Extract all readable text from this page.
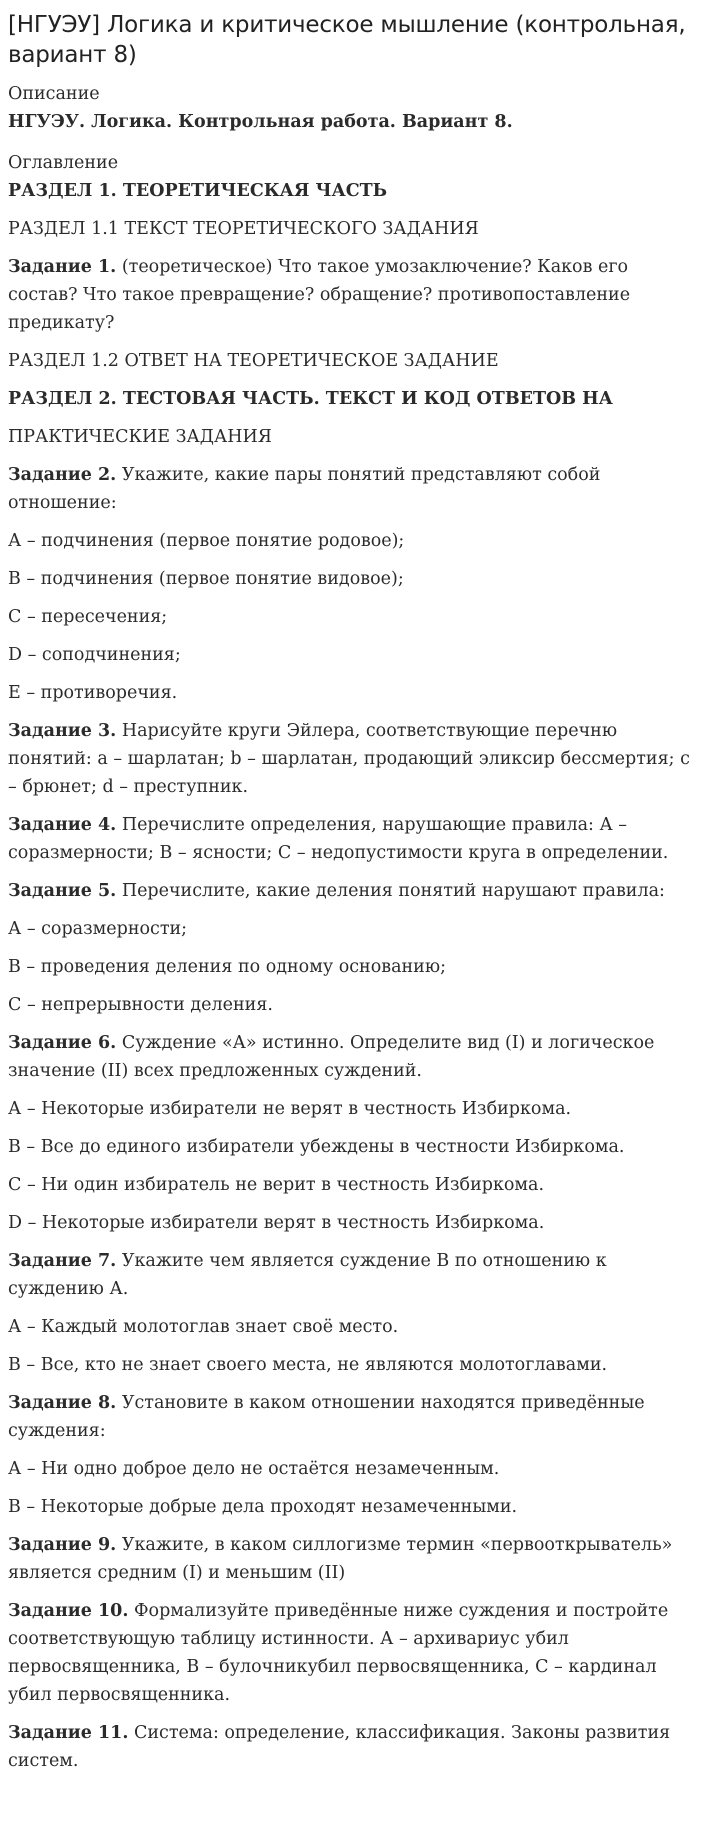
[НГУЭУ] Логика и критическое мышление (контрольная, вариант 8)
Описание
НГУЭУ. Логика. Контрольная работа. Вариант 8.
Оглавление
РАЗДЕЛ 1. ТЕОРЕТИЧЕСКАЯ ЧАСТЬ
РАЗДЕЛ 1.1 ТЕКСТ ТЕОРЕТИЧЕСКОГО ЗАДАНИЯ

Задание 1. (теоретическое) Что такое умозаключение? Каков его состав? Что такое превращение? обращение? противопоставление предикату?

РАЗДЕЛ 1.2 ОТВЕТ НА ТЕОРЕТИЧЕСКОЕ ЗАДАНИЕ
РАЗДЕЛ 2. ТЕСТОВАЯ ЧАСТЬ. ТЕКСТ И КОД ОТВЕТОВ НА
ПРАКТИЧЕСКИЕ ЗАДАНИЯ

Задание 2. Укажите, какие пары понятий представляют собой отношение:

А – подчинения (первое понятие родовое);

В – подчинения (первое понятие видовое);

С – пересечения;

D – соподчинения;

Е – противоречия.

Задание 3. Нарисуйте круги Эйлера, соответствующие перечню понятий: а – шарлатан; b – шарлатан, продающий эликсир бессмертия; c – брюнет; d – преступник.

Задание 4. Перечислите определения, нарушающие правила: А – соразмерности; В – ясности; С – недопустимости круга в определении.

Задание 5. Перечислите, какие деления понятий нарушают правила:

А – соразмерности;

В – проведения деления по одному основанию;

С – непрерывности деления.

Задание 6. Суждение «А» истинно. Определите вид (I) и логическое значение (II) всех предложенных суждений.

А – Некоторые избиратели не верят в честность Избиркома.

В – Все до единого избиратели убеждены в честности Избиркома.

С – Ни один избиратель не верит в честность Избиркома.

D – Некоторые избиратели верят в честность Избиркома.

Задание 7. Укажите чем является суждение В по отношению к суждению А.

А – Каждый молотоглав знает своё место.

В – Все, кто не знает своего места, не являются молотоглавами.

Задание 8. Установите в каком отношении находятся приведённые суждения:

А – Ни одно доброе дело не остаётся незамеченным.

В – Некоторые добрые дела проходят незамеченными.

Задание 9. Укажите, в каком силлогизме термин «первооткрыватель» является средним (I) и меньшим (II)

Задание 10. Формализуйте приведённые ниже суждения и постройте соответствующую таблицу истинности. А – архивариус убил первосвященника, В – булочникубил первосвященника, С – кардинал убил первосвященника.

Задание 11. Система: определение, классификация. Законы развития систем.
